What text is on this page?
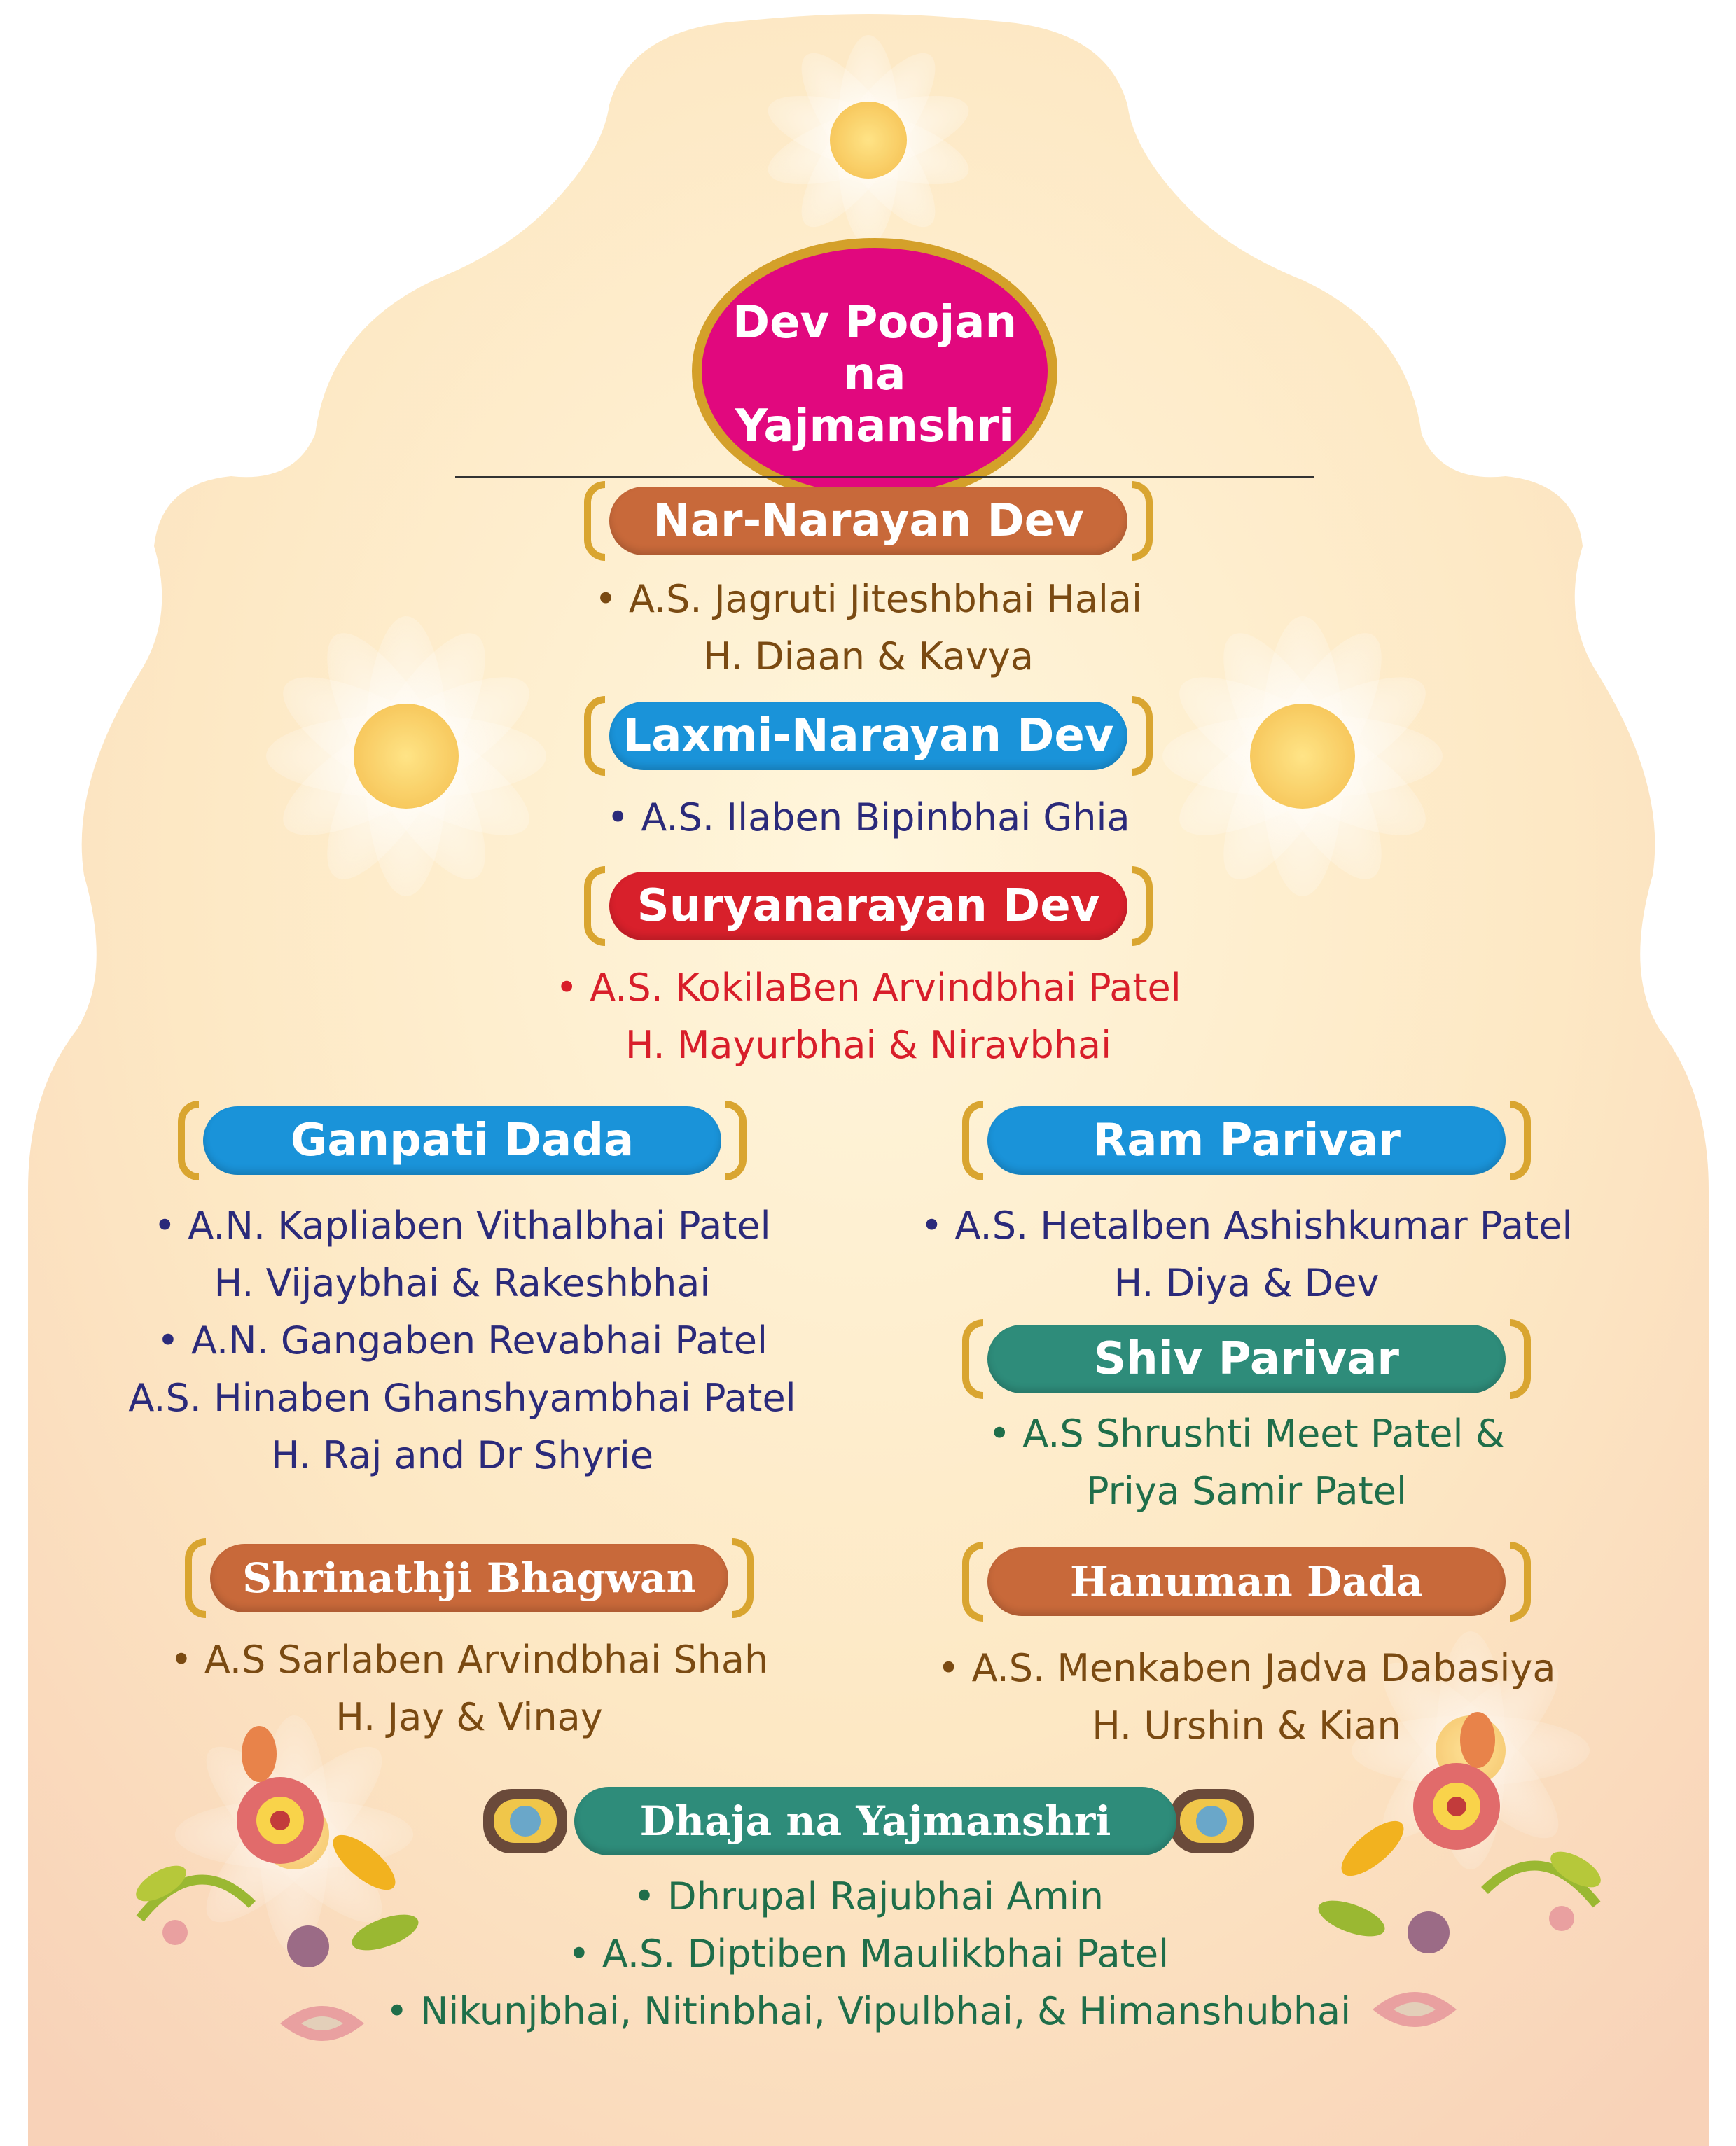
Dev Poojan
na
Yajmanshri
Nar-Narayan Dev
• A.S. Jagruti Jiteshbhai Halai
H. Diaan & Kavya
Laxmi-Narayan Dev
• A.S. Ilaben Bipinbhai Ghia
Suryanarayan Dev
• A.S. KokilaBen Arvindbhai Patel
H. Mayurbhai & Niravbhai
Ganpati Dada
• A.N. Kapliaben Vithalbhai Patel
H. Vijaybhai & Rakeshbhai
• A.N. Gangaben Revabhai Patel
A.S. Hinaben Ghanshyambhai Patel
H. Raj and Dr Shyrie
Ram Parivar
• A.S. Hetalben Ashishkumar Patel
H. Diya & Dev
Shiv Parivar
• A.S Shrushti Meet Patel &
Priya Samir Patel
Shrinathji Bhagwan
• A.S Sarlaben Arvindbhai Shah
H. Jay & Vinay
Hanuman Dada
• A.S. Menkaben Jadva Dabasiya
H. Urshin & Kian
Dhaja na Yajmanshri
• Dhrupal Rajubhai Amin
• A.S. Diptiben Maulikbhai Patel
• Nikunjbhai, Nitinbhai, Vipulbhai, & Himanshubhai
